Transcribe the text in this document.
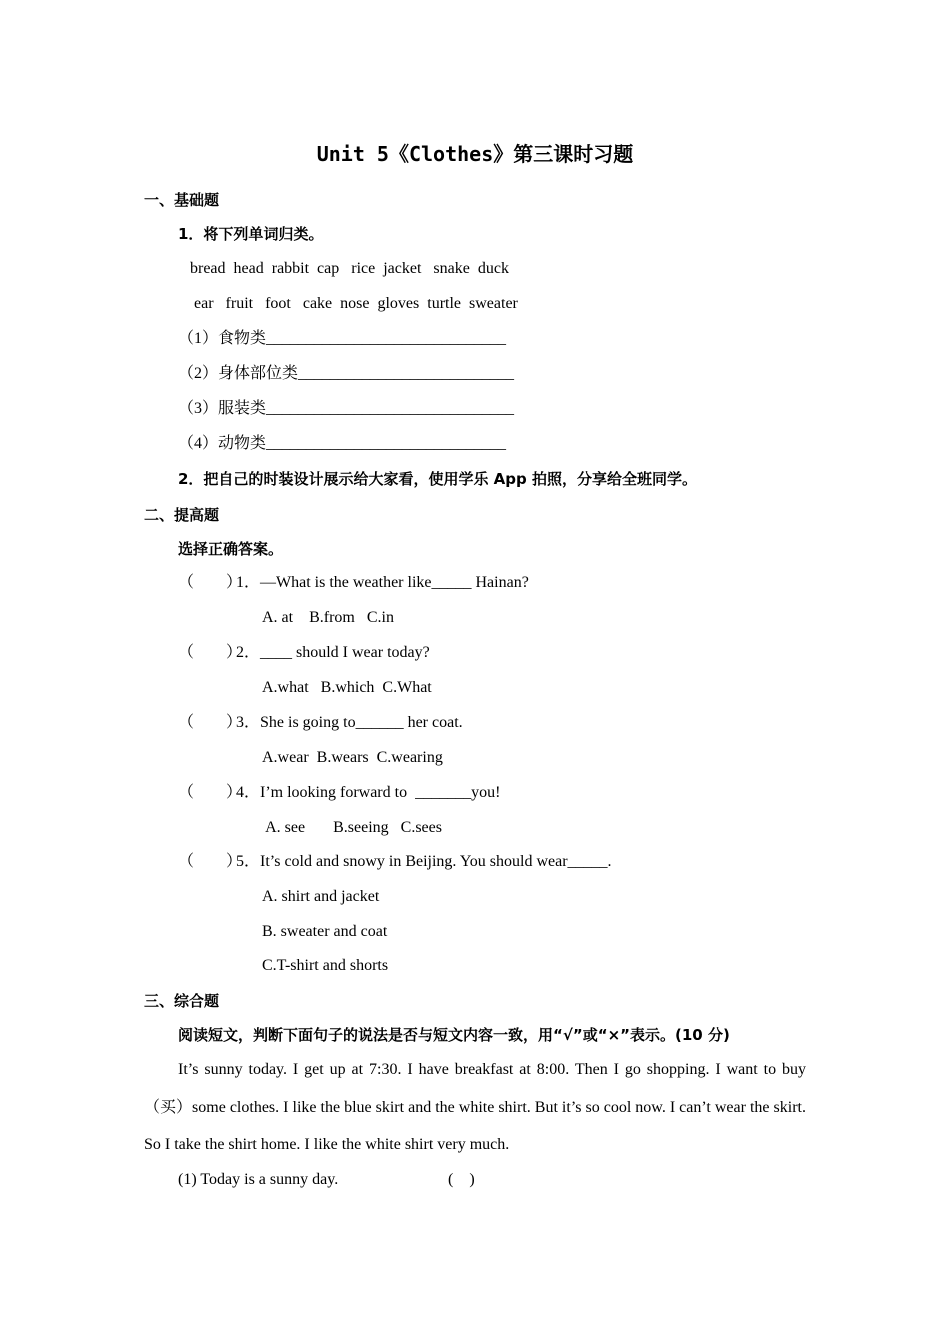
Unit 5《Clothes》第三课时习题
一、基础题
1．将下列单词归类。
bread  head  rabbit  cap   rice  jacket   snake  duck
ear   fruit   foot   cake  nose  gloves  turtle  sweater
（1）食物类______________________________
（2）身体部位类___________________________
（3）服装类_______________________________
（4）动物类______________________________
2．把自己的时装设计展示给大家看，使用学乐 App 拍照，分享给全班同学。
二、提高题
选择正确答案。
（　　）
1．—What is the weather like_____ Hainan?
A. at    B.from   C.in
（　　）
2．____ should I wear today?
A.what   B.which  C.What
（　　）
3．She is going to______ her coat.
A.wear  B.wears  C.wearing
（　　）
4．I’m looking forward to  _______you!
A. see       B.seeing   C.sees
（　　）
5．It’s cold and snowy in Beijing. You should wear_____.
A. shirt and jacket
B. sweater and coat
C.T-shirt and shorts
三、综合题
阅读短文，判断下面句子的说法是否与短文内容一致，用“√”或“×”表示。(10 分)
It’s sunny today. I get up at 7:30. I have breakfast at 8:00. Then I go shopping. I want to buy（买）some clothes. I like the blue skirt and the white shirt. But it’s so cool now. I can’t wear the skirt. So I take the shirt home. I like the white shirt very much.
(1) Today is a sunny day.	(    )
